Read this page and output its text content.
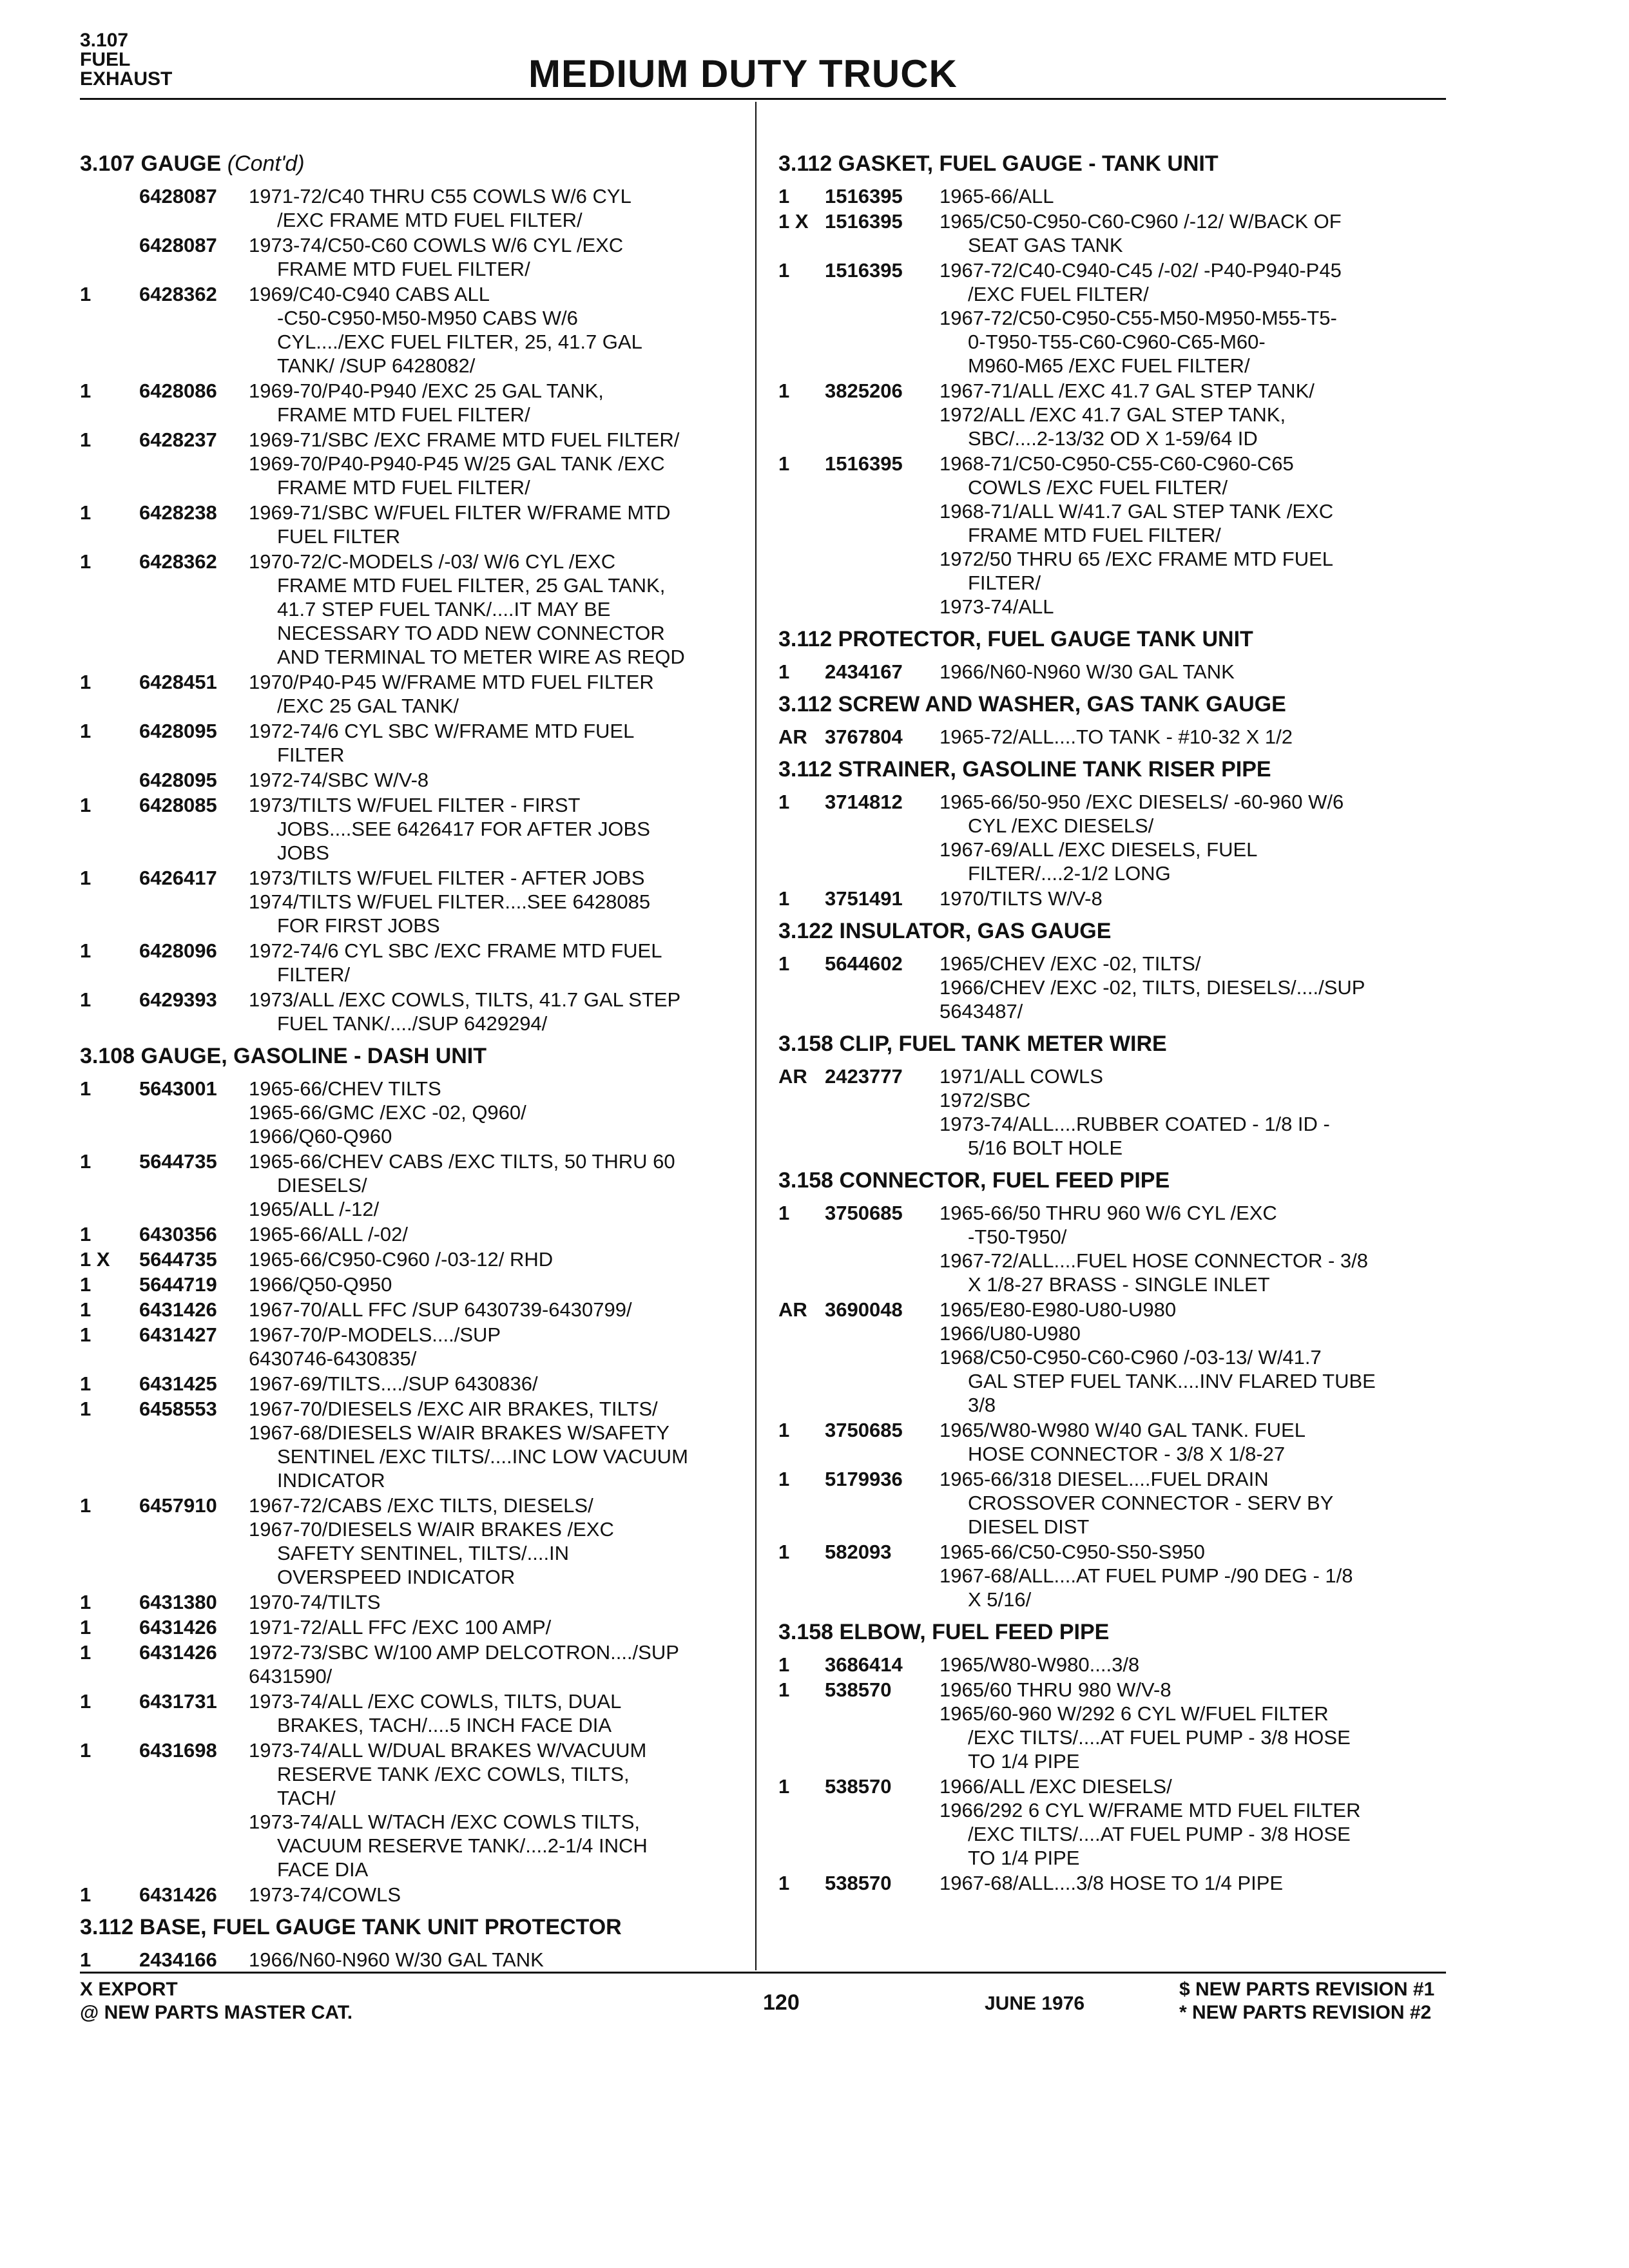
3.107
FUEL
EXHAUST	MEDIUM DUTY TRUCK
3.107 GAUGE (Cont'd)
6428087	1971-72/C40 THRU C55 COWLS W/6 CYL
/EXC FRAME MTD FUEL FILTER/
6428087	1973-74/C50-C60 COWLS W/6 CYL /EXC
FRAME MTD FUEL FILTER/
1	6428362	1969/C40-C940 CABS ALL
-C50-C950-M50-M950 CABS W/6
CYL..../EXC FUEL FILTER, 25, 41.7 GAL
TANK/ /SUP 6428082/
1	6428086	1969-70/P40-P940 /EXC 25 GAL TANK,
FRAME MTD FUEL FILTER/
1	6428237	1969-71/SBC /EXC FRAME MTD FUEL FILTER/
1969-70/P40-P940-P45 W/25 GAL TANK /EXC
FRAME MTD FUEL FILTER/
1	6428238	1969-71/SBC W/FUEL FILTER W/FRAME MTD
FUEL FILTER
1	6428362	1970-72/C-MODELS /-03/ W/6 CYL /EXC
FRAME MTD FUEL FILTER, 25 GAL TANK,
41.7 STEP FUEL TANK/....IT MAY BE
NECESSARY TO ADD NEW CONNECTOR
AND TERMINAL TO METER WIRE AS REQD
1	6428451	1970/P40-P45 W/FRAME MTD FUEL FILTER
/EXC 25 GAL TANK/
1	6428095	1972-74/6 CYL SBC W/FRAME MTD FUEL
FILTER
6428095	1972-74/SBC W/V-8
1	6428085	1973/TILTS W/FUEL FILTER - FIRST
JOBS....SEE 6426417 FOR AFTER JOBS
JOBS
1	6426417	1973/TILTS W/FUEL FILTER - AFTER JOBS
1974/TILTS W/FUEL FILTER....SEE 6428085
FOR FIRST JOBS
1	6428096	1972-74/6 CYL SBC /EXC FRAME MTD FUEL
FILTER/
1	6429393	1973/ALL /EXC COWLS, TILTS, 41.7 GAL STEP
FUEL TANK/..../SUP 6429294/
3.108 GAUGE, GASOLINE - DASH UNIT
1	5643001	1965-66/CHEV TILTS
1965-66/GMC /EXC -02, Q960/
1966/Q60-Q960
1	5644735	1965-66/CHEV CABS /EXC TILTS, 50 THRU 60
DIESELS/
1965/ALL /-12/
1	6430356	1965-66/ALL /-02/
1 X	5644735	1965-66/C950-C960 /-03-12/ RHD
1	5644719	1966/Q50-Q950
1	6431426	1967-70/ALL FFC /SUP 6430739-6430799/
1	6431427	1967-70/P-MODELS..../SUP
6430746-6430835/
1	6431425	1967-69/TILTS..../SUP 6430836/
1	6458553	1967-70/DIESELS /EXC AIR BRAKES, TILTS/
1967-68/DIESELS W/AIR BRAKES W/SAFETY
SENTINEL /EXC TILTS/....INC LOW VACUUM
INDICATOR
1	6457910	1967-72/CABS /EXC TILTS, DIESELS/
1967-70/DIESELS W/AIR BRAKES /EXC
SAFETY SENTINEL, TILTS/....IN
OVERSPEED INDICATOR
1	6431380	1970-74/TILTS
1	6431426	1971-72/ALL FFC /EXC 100 AMP/
1	6431426	1972-73/SBC W/100 AMP DELCOTRON..../SUP
6431590/
1	6431731	1973-74/ALL /EXC COWLS, TILTS, DUAL
BRAKES, TACH/....5 INCH FACE DIA
1	6431698	1973-74/ALL W/DUAL BRAKES W/VACUUM
RESERVE TANK /EXC COWLS, TILTS,
TACH/
1973-74/ALL W/TACH /EXC COWLS TILTS,
VACUUM RESERVE TANK/....2-1/4 INCH
FACE DIA
1	6431426	1973-74/COWLS
3.112 BASE, FUEL GAUGE TANK UNIT PROTECTOR
1	2434166	1966/N60-N960 W/30 GAL TANK
3.112 GASKET, FUEL GAUGE - TANK UNIT
1	1516395	1965-66/ALL
1 X 1516395	1965/C50-C950-C60-C960 /-12/ W/BACK OF
SEAT GAS TANK
1	1516395	1967-72/C40-C940-C45 /-02/ -P40-P940-P45
/EXC FUEL FILTER/
1967-72/C50-C950-C55-M50-M950-M55-T5-
0-T950-T55-C60-C960-C65-M60-
M960-M65 /EXC FUEL FILTER/
1	3825206	1967-71/ALL /EXC 41.7 GAL STEP TANK/
1972/ALL /EXC 41.7 GAL STEP TANK,
SBC/....2-13/32 OD X 1-59/64 ID
1	1516395	1968-71/C50-C950-C55-C60-C960-C65
COWLS /EXC FUEL FILTER/
1968-71/ALL W/41.7 GAL STEP TANK /EXC
FRAME MTD FUEL FILTER/
1972/50 THRU 65 /EXC FRAME MTD FUEL
FILTER/
1973-74/ALL
3.112 PROTECTOR, FUEL GAUGE TANK UNIT
1	2434167	1966/N60-N960 W/30 GAL TANK
3.112 SCREW AND WASHER, GAS TANK GAUGE
AR 3767804	1965-72/ALL....TO TANK - #10-32 X 1/2
3.112 STRAINER, GASOLINE TANK RISER PIPE
1	3714812	1965-66/50-950 /EXC DIESELS/ -60-960 W/6
CYL /EXC DIESELS/
1967-69/ALL /EXC DIESELS, FUEL
FILTER/....2-1/2 LONG
1	3751491	1970/TILTS W/V-8
3.122 INSULATOR, GAS GAUGE
1	5644602	1965/CHEV /EXC -02, TILTS/
1966/CHEV /EXC -02, TILTS, DIESELS/..../SUP
5643487/
3.158 CLIP, FUEL TANK METER WIRE
AR 2423777	1971/ALL COWLS
1972/SBC
1973-74/ALL....RUBBER COATED - 1/8 ID -
5/16 BOLT HOLE
3.158 CONNECTOR, FUEL FEED PIPE
1	3750685	1965-66/50 THRU 960 W/6 CYL /EXC
-T50-T950/
1967-72/ALL....FUEL HOSE CONNECTOR - 3/8
X 1/8-27 BRASS - SINGLE INLET
AR 3690048	1965/E80-E980-U80-U980
1966/U80-U980
1968/C50-C950-C60-C960 /-03-13/ W/41.7
GAL STEP FUEL TANK....INV FLARED TUBE
3/8
1	3750685	1965/W80-W980 W/40 GAL TANK. FUEL
HOSE CONNECTOR - 3/8 X 1/8-27
1	5179936	1965-66/318 DIESEL....FUEL DRAIN
CROSSOVER CONNECTOR - SERV BY
DIESEL DIST
1	582093	1965-66/C50-C950-S50-S950
1967-68/ALL....AT FUEL PUMP -/90 DEG - 1/8
X 5/16/
3.158 ELBOW, FUEL FEED PIPE
1	3686414	1965/W80-W980....3/8
1	538570	1965/60 THRU 980 W/V-8
1965/60-960 W/292 6 CYL W/FUEL FILTER
/EXC TILTS/....AT FUEL PUMP - 3/8 HOSE
TO 1/4 PIPE
1	538570	1966/ALL /EXC DIESELS/
1966/292 6 CYL W/FRAME MTD FUEL FILTER
/EXC TILTS/....AT FUEL PUMP - 3/8 HOSE
TO 1/4 PIPE
1	538570	1967-68/ALL....3/8 HOSE TO 1/4 PIPE
X EXPORT
@ NEW PARTS MASTER CAT.	120	JUNE 1976
$ NEW PARTS REVISION #1
* NEW PARTS REVISION #2
